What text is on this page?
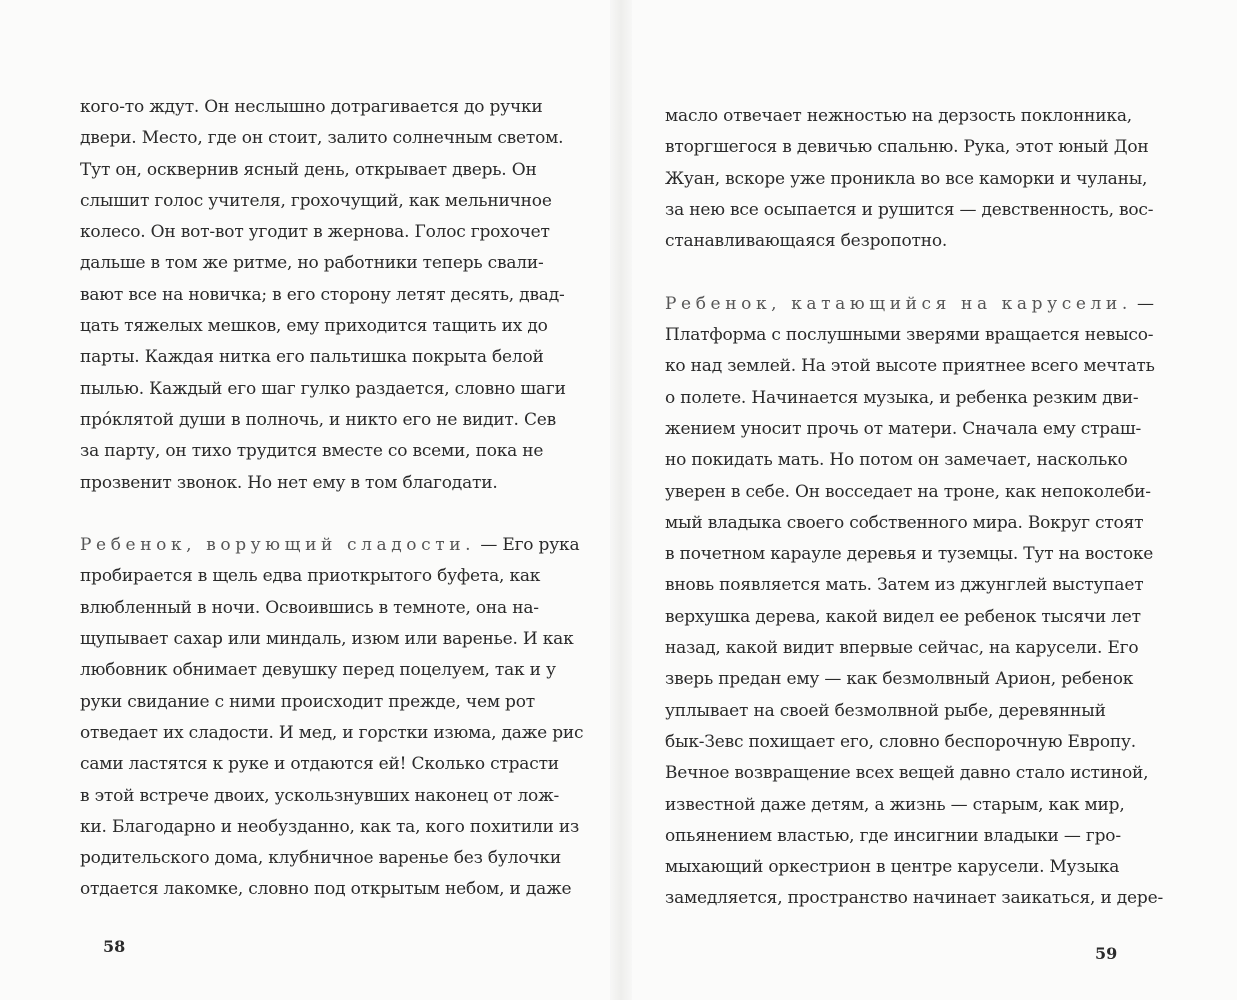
кого-то ждут. Он неслышно дотрагивается до ручки
двери. Место, где он стоит, залито солнечным светом.
Тут он, осквернив ясный день, открывает дверь. Он
слышит голос учителя, грохочущий, как мельничное
колесо. Он вот-вот угодит в жернова. Голос грохочет
дальше в том же ритме, но работники теперь свали-
вают все на новичка; в его сторону летят десять, двад-
цать тяжелых мешков, ему приходится тащить их до
парты. Каждая нитка его пальтишка покрыта белой
пылью. Каждый его шаг гулко раздается, словно шаги
прóклятой души в полночь, и никто его не видит. Сев
за парту, он тихо трудится вместе со всеми, пока не
прозвенит звонок. Но нет ему в том благодати.
Ребенок, ворующий сладости. — Его рука
пробирается в щель едва приоткрытого буфета, как
влюбленный в ночи. Освоившись в темноте, она на-
щупывает сахар или миндаль, изюм или варенье. И как
любовник обнимает девушку перед поцелуем, так и у
руки свидание с ними происходит прежде, чем рот
отведает их сладости. И мед, и горстки изюма, даже рис
сами ластятся к руке и отдаются ей! Сколько страсти
в этой встрече двоих, ускользнувших наконец от лож-
ки. Благодарно и необузданно, как та, кого похитили из
родительского дома, клубничное варенье без булочки
отдается лакомке, словно под открытым небом, и даже
58
масло отвечает нежностью на дерзость поклонника,
вторгшегося в девичью спальню. Рука, этот юный Дон
Жуан, вскоре уже проникла во все каморки и чуланы,
за нею все осыпается и рушится — девственность, вос-
станавливающаяся безропотно.
Ребенок, катающийся на карусели. —
Платформа с послушными зверями вращается невысо-
ко над землей. На этой высоте приятнее всего мечтать
о полете. Начинается музыка, и ребенка резким дви-
жением уносит прочь от матери. Сначала ему страш-
но покидать мать. Но потом он замечает, насколько
уверен в себе. Он восседает на троне, как непоколеби-
мый владыка своего собственного мира. Вокруг стоят
в почетном карауле деревья и туземцы. Тут на востоке
вновь появляется мать. Затем из джунглей выступает
верхушка дерева, какой видел ее ребенок тысячи лет
назад, какой видит впервые сейчас, на карусели. Его
зверь предан ему — как безмолвный Арион, ребенок
уплывает на своей безмолвной рыбе, деревянный
бык-Зевс похищает его, словно беспорочную Европу.
Вечное возвращение всех вещей давно стало истиной,
известной даже детям, а жизнь — старым, как мир,
опьянением властью, где инсигнии владыки — гро-
мыхающий оркестрион в центре карусели. Музыка
замедляется, пространство начинает заикаться, и дере-
59
